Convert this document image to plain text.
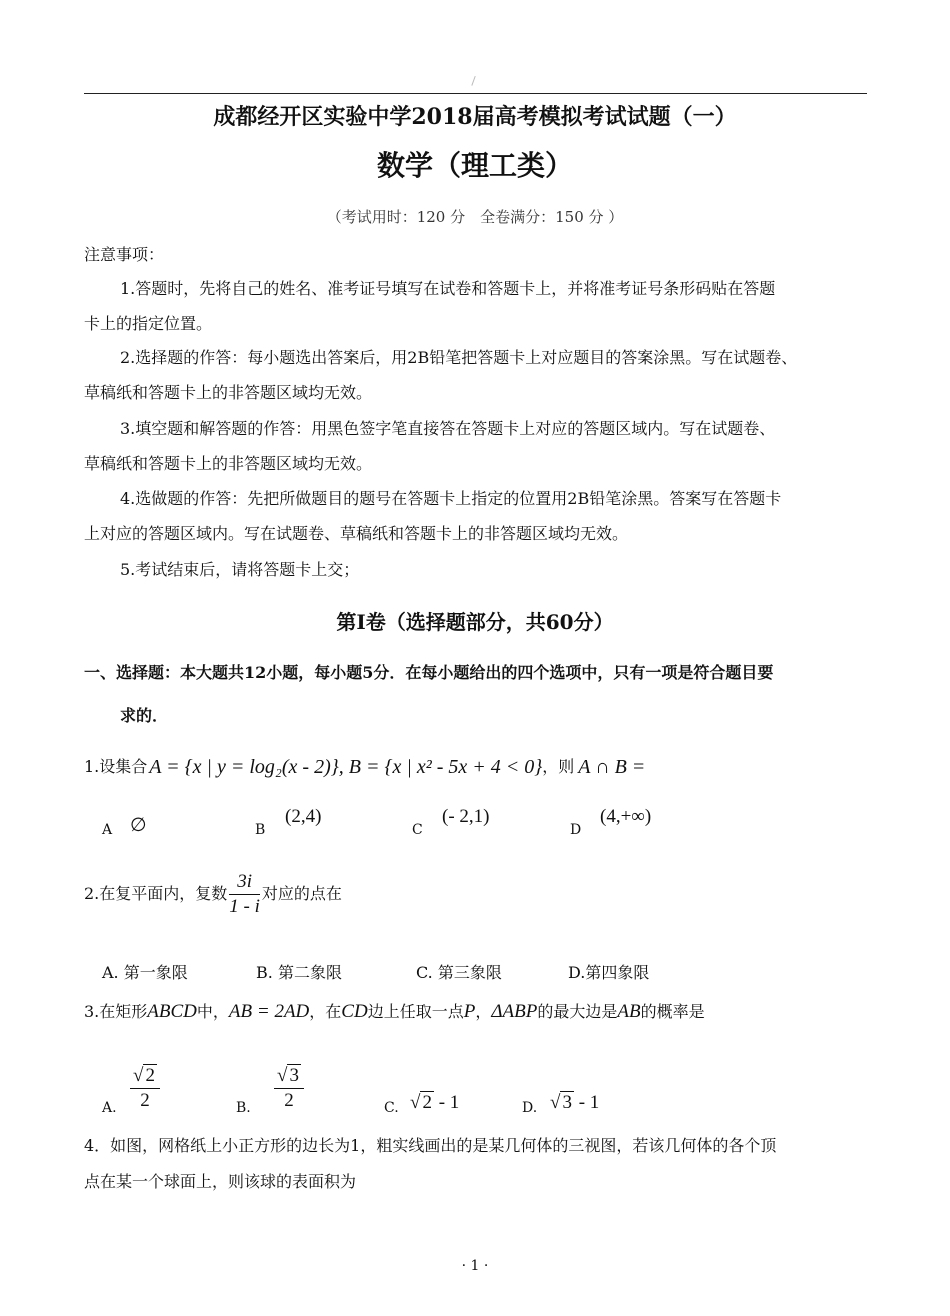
成都经开区实验中学2018届高考模拟考试试题（一）
数学（理工类）
（考试用时：120 分　全卷满分：150 分 ）
注意事项：
1.答题时，先将自己的姓名、准考证号填写在试卷和答题卡上，并将准考证号条形码贴在答题
卡上的指定位置。
2.选择题的作答：每小题选出答案后，用2B铅笔把答题卡上对应题目的答案涂黑。写在试题卷、
草稿纸和答题卡上的非答题区域均无效。
3.填空题和解答题的作答：用黑色签字笔直接答在答题卡上对应的答题区域内。写在试题卷、
草稿纸和答题卡上的非答题区域均无效。
4.选做题的作答：先把所做题目的题号在答题卡上指定的位置用2B铅笔涂黑。答案写在答题卡
上对应的答题区域内。写在试题卷、草稿纸和答题卡上的非答题区域均无效。
5.考试结束后，请将答题卡上交；
第Ⅰ卷（选择题部分，共60分）
一、选择题：本大题共12小题，每小题5分．在每小题给出的四个选项中，只有一项是符合题目要
求的．
1.设集合 A = {x | y = log₂(x - 2)} , B = {x | x² - 5x + 4 < 0} ，则 A ∩ B =
A ∅	B
(2,4)
C
(- 2,1)
D
(4,+∞)
2.在复平面内，复数 $\frac{3i}{1 - i}$ 对应的点在
A. 第一象限	B. 第二象限	C. 第三象限	D.第四象限
3.在矩形 ABCD 中， AB = 2AD ，在 CD 边上任取一点 P ， ΔABP 的最大边是 AB 的概率是
A. $\frac{√ 2}{2}$	B. $\frac{√ 3}{2}$	C. √ 2 - 1	D. √ 3 - 1
4．如图，网格纸上小正方形的边长为1，粗实线画出的是某几何体的三视图，若该几何体的各个顶
点在某一个球面上，则该球的表面积为
· 1 ·
